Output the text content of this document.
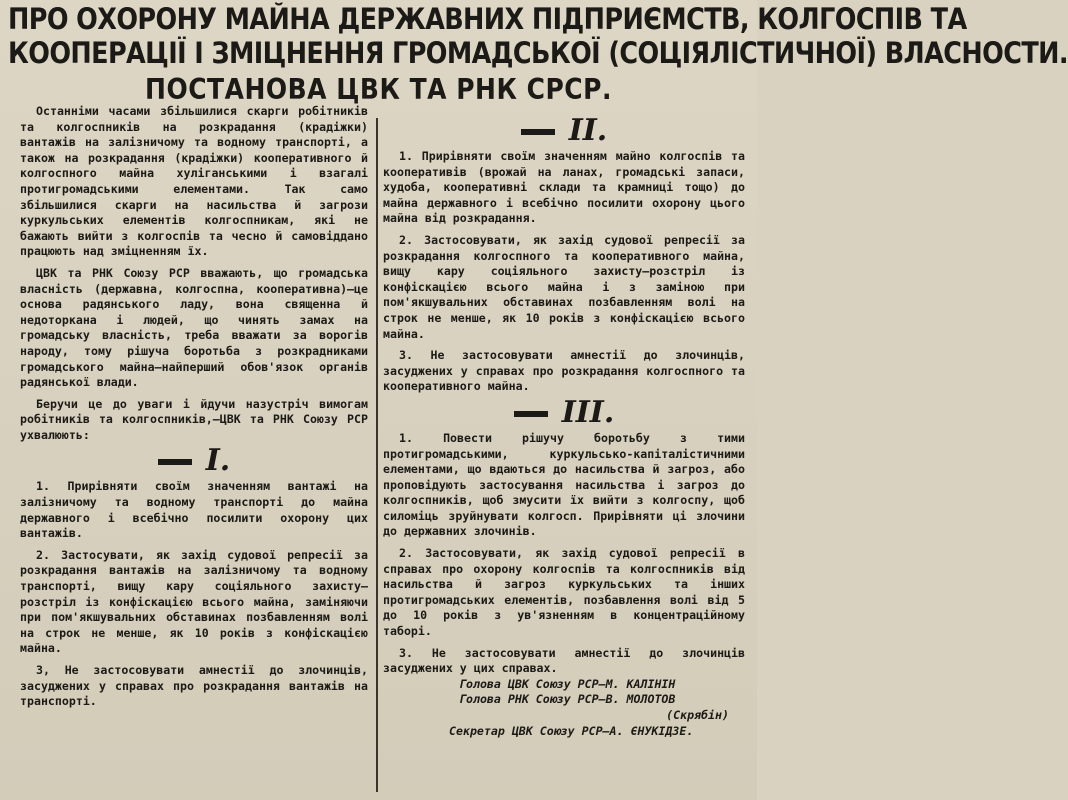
ПРО ОХОРОНУ МАЙНА ДЕРЖАВНИХ ПІДПРИЄМСТВ, КОЛГОСПІВ ТА
КООПЕРАЦІЇ І ЗМІЦНЕННЯ ГРОМАДСЬКОЇ (СОЦІЯЛІСТИЧНОЇ) ВЛАСНОСТИ.
ПОСТАНОВА ЦВК ТА РНК СРСР.

Останніми часами збільшилися скарги робітників та колгоспників на розкрадання (крадіжки) вантажів на залізничому та водному транспорті, а також на розкрадання (крадіжки) кооперативного й колгоспного майна хуліганськими і взагалі протигромадськими елементами. Так само збільшилися скарги на насильства й загрози куркульських елементів колгоспникам, які не бажають вийти з колгоспів та чесно й самовіддано працюють над зміцненням їх.

ЦВК та РНК Союзу РСР вважають, що громадська власність (державна, колгоспна, кооперативна)—це основа радянського ладу, вона священна й недоторкана і людей, що чинять замах на громадську власність, треба вважати за ворогів народу, тому рішуча боротьба з розкрадниками громадського майна—найперший обов'язок органів радянської влади.

Беручи це до уваги і йдучи назустріч вимогам робітників та колгоспників,—ЦВК та РНК Союзу РСР ухвалюють:

I.

1. Прирівняти своїм значенням вантажі на залізничому та водному транспорті до майна державного і всебічно посилити охорону цих вантажів.

2. Застосувати, як захід судової репресії за розкрадання вантажів на залізничому та водному транспорті, вищу кару соціяльного захисту—розстріл із конфіскацією всього майна, заміняючи при пом'якшувальних обставинах позбавленням волі на строк не менше, як 10 років з конфіскацією майна.

3, Не застосовувати амнестії до злочинців, засуджених у справах про розкрадання вантажів на транспорті.

II.

1. Прирівняти своїм значенням майно колгоспів та кооперативів (врожай на ланах, громадські запаси, худоба, кооперативні склади та крамниці тощо) до майна державного і всебічно посилити охорону цього майна від розкрадання.

2. Застосовувати, як захід судової репресії за розкрадання колгоспного та кооперативного майна, вищу кару соціяльного захисту—розстріл із конфіскацією всього майна і з заміною при пом'якшувальних обставинах позбавленням волі на строк не менше, як 10 років з конфіскацією всього майна.

3. Не застосовувати амнестії до злочинців, засуджених у справах про розкрадання колгоспного та кооперативного майна.

III.

1. Повести рішучу боротьбу з тими протигромадськими, куркульсько-капіталістичними елементами, що вдаються до насильства й загроз, або проповідують застосування насильства і загроз до колгоспників, щоб змусити їх вийти з колгоспу, щоб силоміць зруйнувати колгосп. Прирівняти ці злочини до державних злочинів.

2. Застосовувати, як захід судової репресії в справах про охорону колгоспів та колгоспників від насильства й загроз куркульських та інших протигромадських елементів, позбавлення волі від 5 до 10 років з ув'язненням в концентраційному таборі.

3. Не застосовувати амнестії до злочинців засуджених у цих справах.

Голова ЦВК Союзу РСР—М. КАЛІНІН

Голова РНК Союзу РСР—В. МОЛОТОВ

(Скрябін)

Секретар ЦВК Союзу РСР—А. ЄНУКІДЗЕ.
